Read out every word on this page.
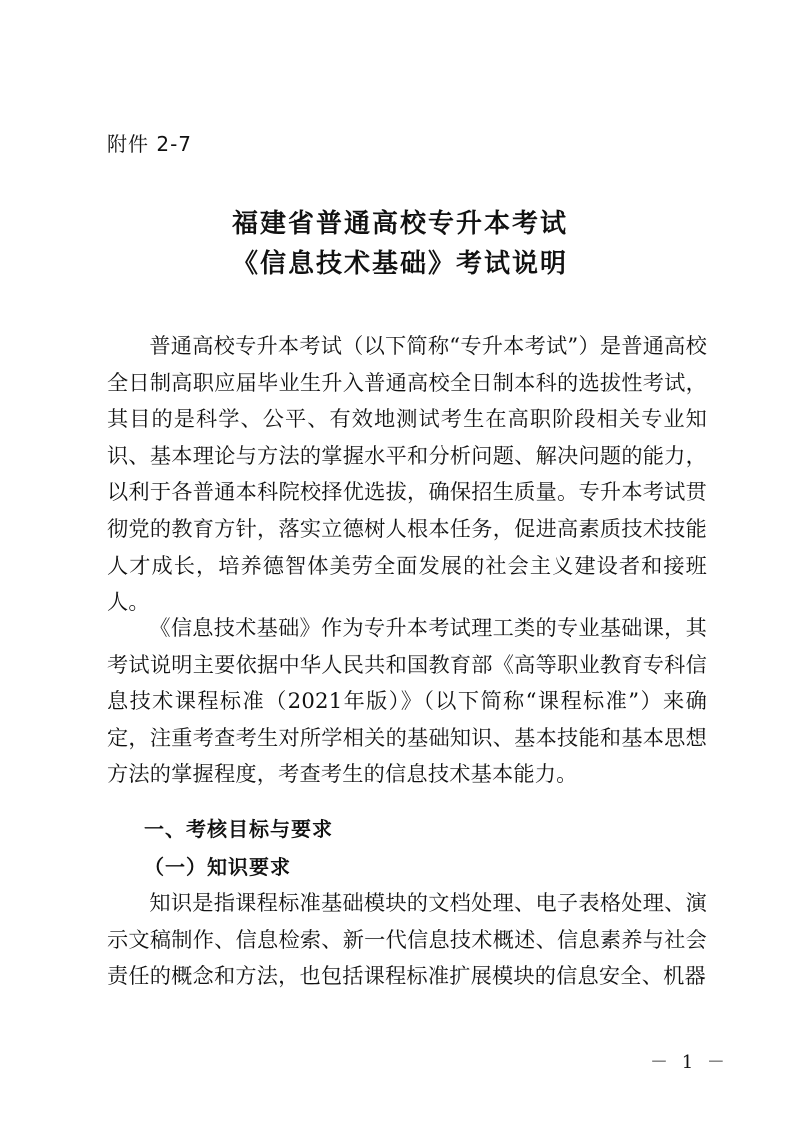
附件 2-7
福建省普通高校专升本考试
《信息技术基础》考试说明

普通高校专升本考试（以下简称“专升本考试”）是普通高校全日制高职应届毕业生升入普通高校全日制本科的选拔性考试，其目的是科学、公平、有效地测试考生在高职阶段相关专业知识、基本理论与方法的掌握水平和分析问题、解决问题的能力，以利于各普通本科院校择优选拔，确保招生质量。专升本考试贯彻党的教育方针，落实立德树人根本任务，促进高素质技术技能人才成长，培养德智体美劳全面发展的社会主义建设者和接班人。

《信息技术基础》作为专升本考试理工类的专业基础课，其考试说明主要依据中华人民共和国教育部《高等职业教育专科信息技术课程标准（2021年版）》（以下简称“课程标准”）来确定，注重考查考生对所学相关的基础知识、基本技能和基本思想方法的掌握程度，考查考生的信息技术基本能力。

一、考核目标与要求
（一）知识要求

知识是指课程标准基础模块的文档处理、电子表格处理、演示文稿制作、信息检索、新一代信息技术概述、信息素养与社会责任的概念和方法，也包括课程标准扩展模块的信息安全、机器

－ 1 －
